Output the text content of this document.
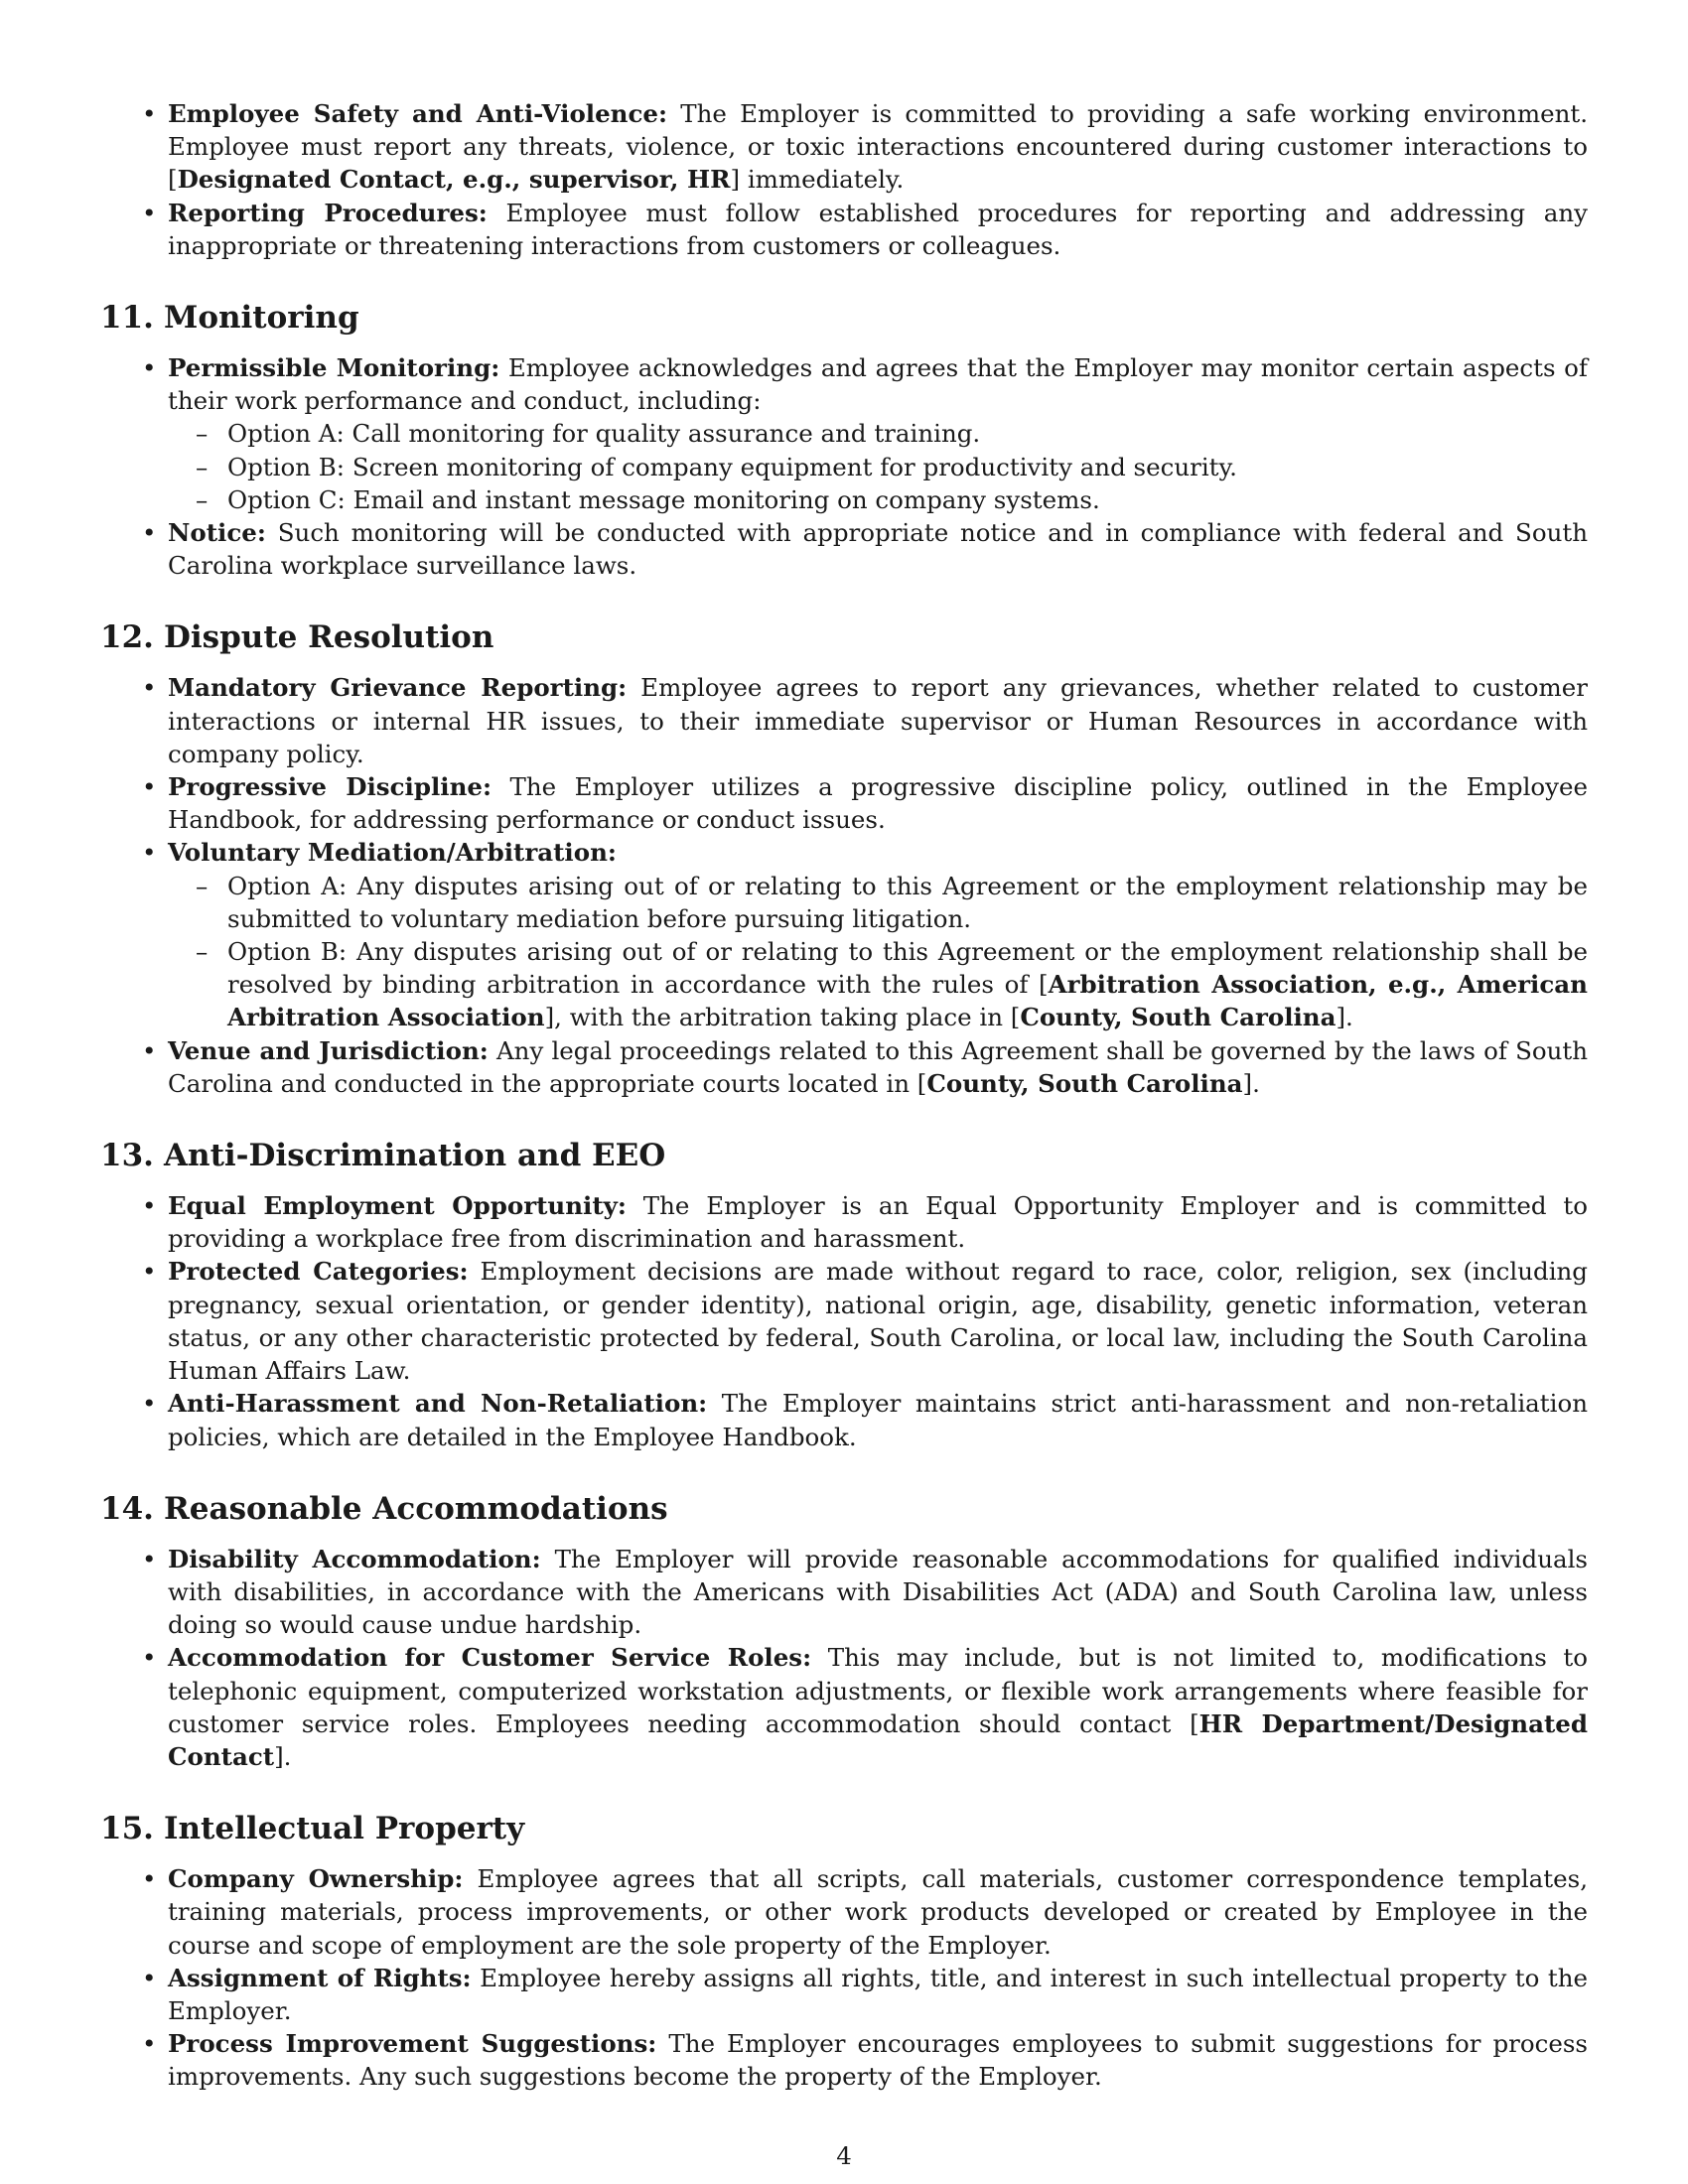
• Employee Safety and Anti-Violence: The Employer is committed to providing a safe working environment. Employee must report any threats, violence, or toxic interactions encountered during customer interactions to [Designated Contact, e.g., supervisor, HR] immediately.
• Reporting Procedures: Employee must follow established procedures for reporting and addressing any inappropriate or threatening interactions from customers or colleagues.
11. Monitoring
• Permissible Monitoring: Employee acknowledges and agrees that the Employer may monitor certain aspects of their work performance and conduct, including:
– Option A: Call monitoring for quality assurance and training.
– Option B: Screen monitoring of company equipment for productivity and security.
– Option C: Email and instant message monitoring on company systems.
• Notice: Such monitoring will be conducted with appropriate notice and in compliance with federal and South Carolina workplace surveillance laws.
12. Dispute Resolution
• Mandatory Grievance Reporting: Employee agrees to report any grievances, whether related to customer interactions or internal HR issues, to their immediate supervisor or Human Resources in accordance with company policy.
• Progressive Discipline: The Employer utilizes a progressive discipline policy, outlined in the Employee Handbook, for addressing performance or conduct issues.
• Voluntary Mediation/Arbitration:
– Option A: Any disputes arising out of or relating to this Agreement or the employment relationship may be submitted to voluntary mediation before pursuing litigation.
– Option B: Any disputes arising out of or relating to this Agreement or the employment relationship shall be resolved by binding arbitration in accordance with the rules of [Arbitration Association, e.g., American Arbitration Association], with the arbitration taking place in [County, South Carolina].
• Venue and Jurisdiction: Any legal proceedings related to this Agreement shall be governed by the laws of South Carolina and conducted in the appropriate courts located in [County, South Carolina].
13. Anti-Discrimination and EEO
• Equal Employment Opportunity: The Employer is an Equal Opportunity Employer and is committed to providing a workplace free from discrimination and harassment.
• Protected Categories: Employment decisions are made without regard to race, color, religion, sex (including pregnancy, sexual orientation, or gender identity), national origin, age, disability, genetic information, veteran status, or any other characteristic protected by federal, South Carolina, or local law, including the South Carolina Human Affairs Law.
• Anti-Harassment and Non-Retaliation: The Employer maintains strict anti-harassment and non-retaliation policies, which are detailed in the Employee Handbook.
14. Reasonable Accommodations
• Disability Accommodation: The Employer will provide reasonable accommodations for qualified individuals with disabilities, in accordance with the Americans with Disabilities Act (ADA) and South Carolina law, unless doing so would cause undue hardship.
• Accommodation for Customer Service Roles: This may include, but is not limited to, modifications to telephonic equipment, computerized workstation adjustments, or flexible work arrangements where feasible for customer service roles. Employees needing accommodation should contact [HR Department/Designated Contact].
15. Intellectual Property
• Company Ownership: Employee agrees that all scripts, call materials, customer correspondence templates, training materials, process improvements, or other work products developed or created by Employee in the course and scope of employment are the sole property of the Employer.
• Assignment of Rights: Employee hereby assigns all rights, title, and interest in such intellectual property to the Employer.
• Process Improvement Suggestions: The Employer encourages employees to submit suggestions for process improvements. Any such suggestions become the property of the Employer.
4
